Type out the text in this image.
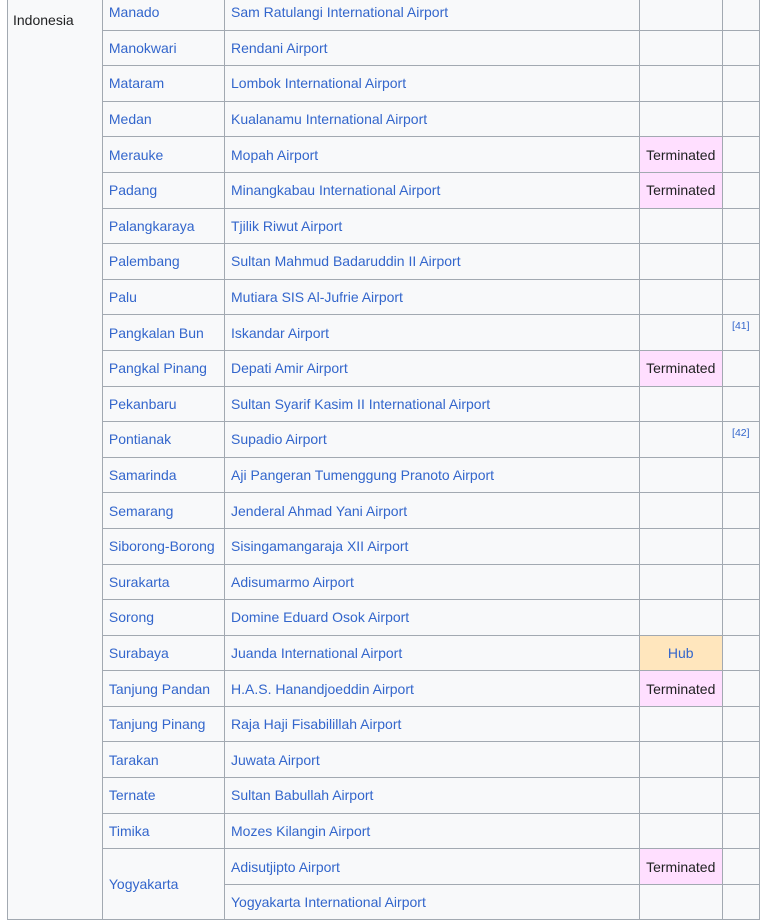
Indonesia	Manado	Sam Ratulangi International Airport		
	Manokwari	Rendani Airport		
	Mataram	Lombok International Airport		
	Medan	Kualanamu International Airport		
	Merauke	Mopah Airport	Terminated	
	Padang	Minangkabau International Airport	Terminated	
	Palangkaraya	Tjilik Riwut Airport		
	Palembang	Sultan Mahmud Badaruddin II Airport		
	Palu	Mutiara SIS Al-Jufrie Airport		
	Pangkalan Bun	Iskandar Airport		[41]
	Pangkal Pinang	Depati Amir Airport	Terminated	
	Pekanbaru	Sultan Syarif Kasim II International Airport		
	Pontianak	Supadio Airport		[42]
	Samarinda	Aji Pangeran Tumenggung Pranoto Airport		
	Semarang	Jenderal Ahmad Yani Airport		
	Siborong-Borong	Sisingamangaraja XII Airport		
	Surakarta	Adisumarmo Airport		
	Sorong	Domine Eduard Osok Airport		
	Surabaya	Juanda International Airport	Hub	
	Tanjung Pandan	H.A.S. Hanandjoeddin Airport	Terminated	
	Tanjung Pinang	Raja Haji Fisabilillah Airport		
	Tarakan	Juwata Airport		
	Ternate	Sultan Babullah Airport		
	Timika	Mozes Kilangin Airport		
	Yogyakarta	Adisutjipto Airport	Terminated	
		Yogyakarta International Airport		
